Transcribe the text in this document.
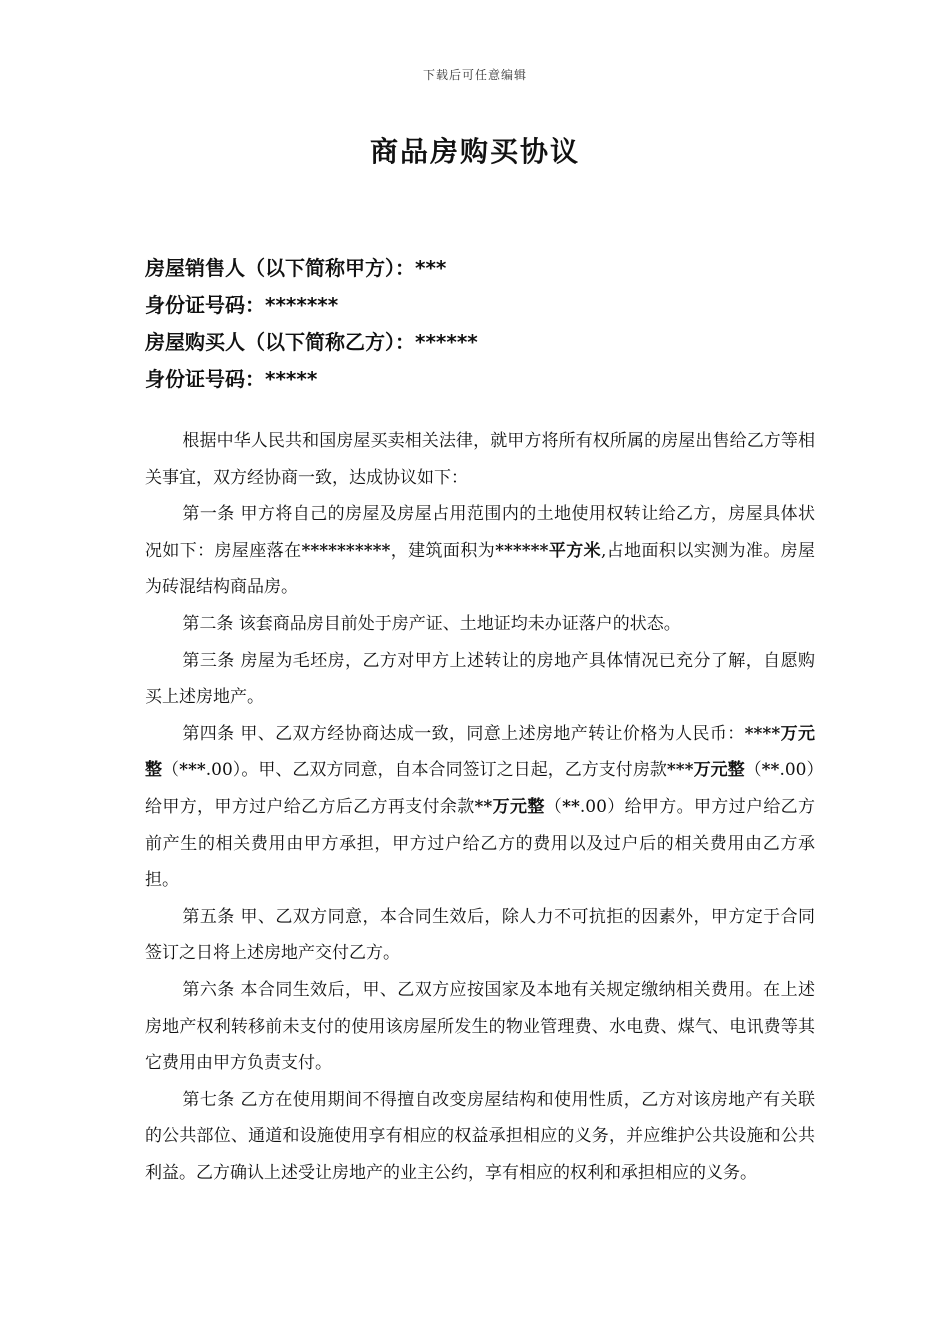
下载后可任意编辑
商品房购买协议
房屋销售人（以下简称甲方）：***
身份证号码：*******
房屋购买人（以下简称乙方）：******
身份证号码：*****

根据中华人民共和国房屋买卖相关法律，就甲方将所有权所属的房屋出售给乙方等相关事宜，双方经协商一致，达成协议如下：

第一条 甲方将自己的房屋及房屋占用范围内的土地使用权转让给乙方，房屋具体状况如下：房屋座落在**********，建筑面积为******平方米,占地面积以实测为准。房屋为砖混结构商品房。

第二条 该套商品房目前处于房产证、土地证均未办证落户的状态。

第三条 房屋为毛坯房，乙方对甲方上述转让的房地产具体情况已充分了解，自愿购买上述房地产。

第四条 甲、乙双方经协商达成一致，同意上述房地产转让价格为人民币：****万元整（***.00）。甲、乙双方同意，自本合同签订之日起，乙方支付房款***万元整（**.00）给甲方，甲方过户给乙方后乙方再支付余款**万元整（**.00）给甲方。甲方过户给乙方前产生的相关费用由甲方承担，甲方过户给乙方的费用以及过户后的相关费用由乙方承担。

第五条 甲、乙双方同意，本合同生效后，除人力不可抗拒的因素外，甲方定于合同签订之日将上述房地产交付乙方。

第六条 本合同生效后，甲、乙双方应按国家及本地有关规定缴纳相关费用。在上述房地产权利转移前未支付的使用该房屋所发生的物业管理费、水电费、煤气、电讯费等其它费用由甲方负责支付。

第七条 乙方在使用期间不得擅自改变房屋结构和使用性质，乙方对该房地产有关联的公共部位、通道和设施使用享有相应的权益承担相应的义务，并应维护公共设施和公共利益。乙方确认上述受让房地产的业主公约，享有相应的权利和承担相应的义务。
